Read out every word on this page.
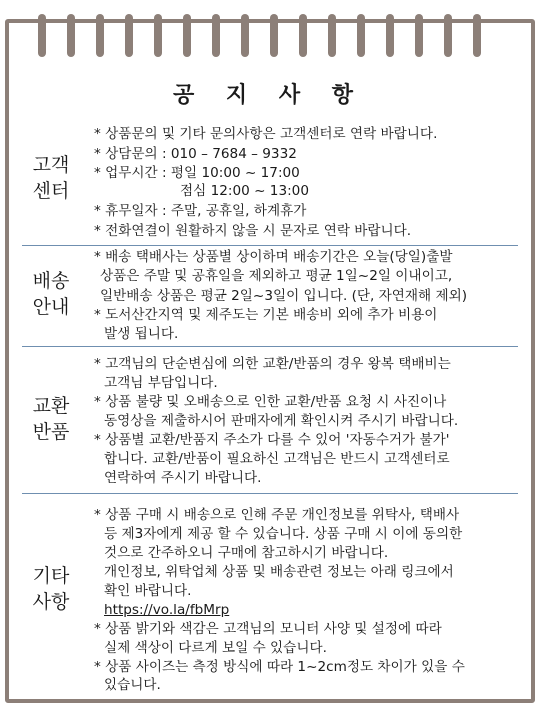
공 지 사 항
고객
센터
* 상품문의 및 기타 문의사항은 고객센터로 연락 바랍니다.
* 상담문의 : 010 – 7684 – 9332
* 업무시간 : 평일 10:00 ~ 17:00
점심 12:00 ~ 13:00
* 휴무일자 : 주말, 공휴일, 하계휴가
* 전화연결이 원활하지 않을 시 문자로 연락 바랍니다.
배송
안내
* 배송 택배사는 상품별 상이하며 배송기간은 오늘(당일)출발
상품은 주말 및 공휴일을 제외하고 평균 1일~2일 이내이고,
일반배송 상품은 평균 2일~3일이 입니다. (단, 자연재해 제외)
* 도서산간지역 및 제주도는 기본 배송비 외에 추가 비용이
발생 됩니다.
교환
반품
* 고객님의 단순변심에 의한 교환/반품의 경우 왕복 택배비는
고객님 부담입니다.
* 상품 불량 및 오배송으로 인한 교환/반품 요청 시 사진이나
동영상을 제출하시어 판매자에게 확인시켜 주시기 바랍니다.
* 상품별 교환/반품지 주소가 다를 수 있어 '자동수거가 불가'
합니다. 교환/반품이 필요하신 고객님은 반드시 고객센터로
연락하여 주시기 바랍니다.
기타
사항
* 상품 구매 시 배송으로 인해 주문 개인정보를 위탁사, 택배사
등 제3자에게 제공 할 수 있습니다. 상품 구매 시 이에 동의한
것으로 간주하오니 구매에 참고하시기 바랍니다.
개인정보, 위탁업체 상품 및 배송관련 정보는 아래 링크에서
확인 바랍니다.
https://vo.la/fbMrp
* 상품 밝기와 색감은 고객님의 모니터 사양 및 설정에 따라
실제 색상이 다르게 보일 수 있습니다.
* 상품 사이즈는 측정 방식에 따라 1~2cm정도 차이가 있을 수
있습니다.
